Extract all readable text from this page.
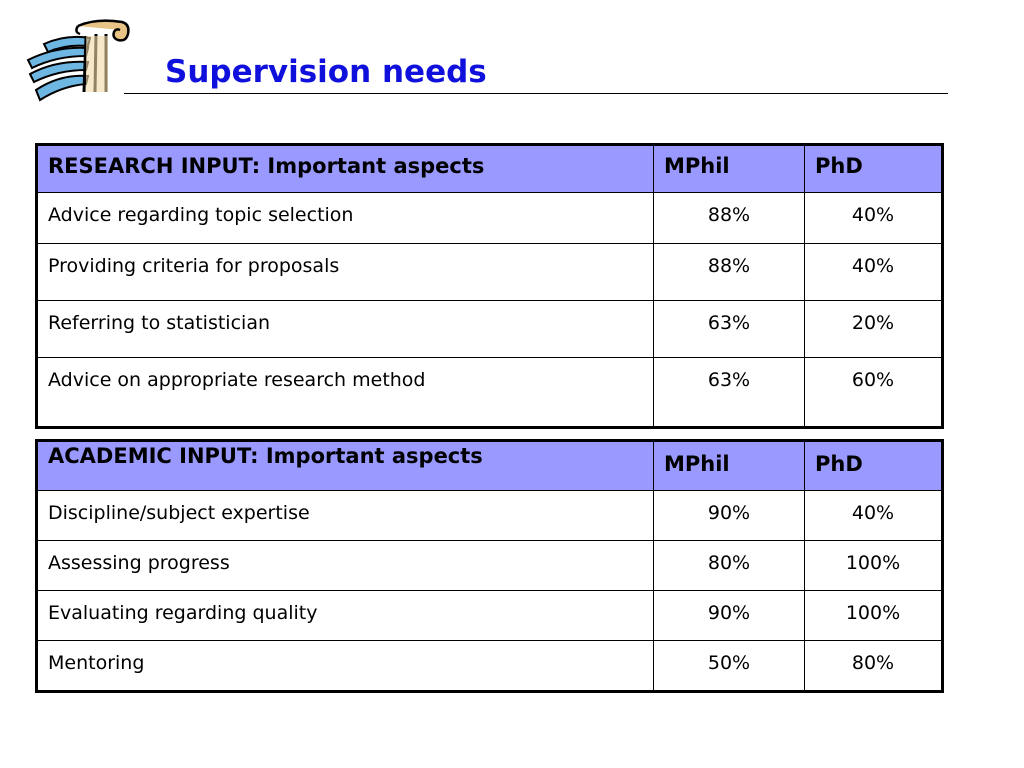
Supervision needs
RESEARCH INPUT: Important aspects	MPhil	PhD
Advice regarding topic selection	88%	40%
Providing criteria for proposals	88%	40%
Referring to statistician	63%	20%
Advice on appropriate research method	63%	60%
ACADEMIC INPUT: Important aspects	MPhil	PhD
Discipline/subject expertise	90%	40%
Assessing progress	80%	100%
Evaluating regarding quality	90%	100%
Mentoring	50%	80%
